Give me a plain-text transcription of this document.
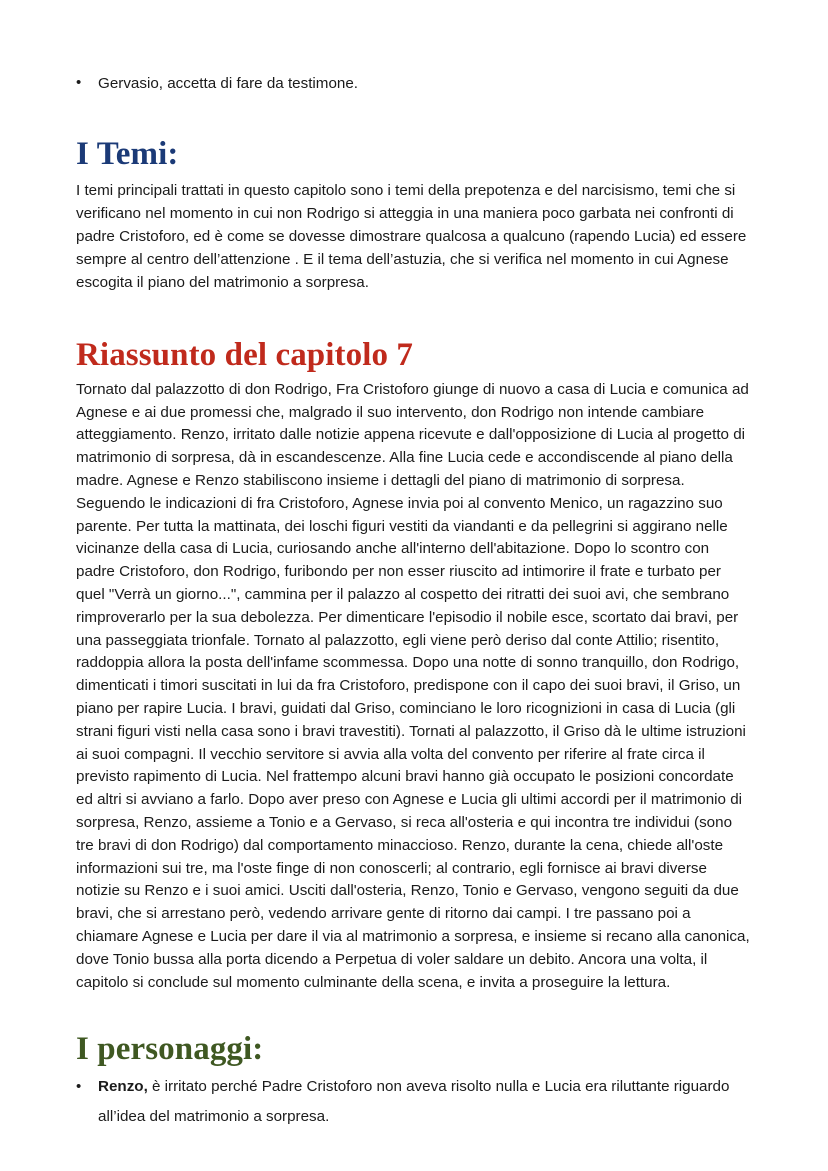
•	Gervasio, accetta di fare da testimone.
I Temi:

I temi principali trattati in questo capitolo sono i temi della prepotenza e del narcisismo, temi che si verificano nel momento in cui non Rodrigo si atteggia in una maniera poco garbata nei confronti di padre Cristoforo, ed è come se dovesse dimostrare qualcosa a qualcuno (rapendo Lucia) ed essere sempre al centro dell’attenzione . E il tema dell’astuzia, che si verifica nel momento in cui Agnese escogita il piano del matrimonio a sorpresa.

Riassunto del capitolo 7

Tornato dal palazzotto di don Rodrigo, Fra Cristoforo giunge di nuovo a casa di Lucia e comunica ad Agnese e ai due promessi che, malgrado il suo intervento, don Rodrigo non intende cambiare atteggiamento. Renzo, irritato dalle notizie appena ricevute e dall'opposizione di Lucia al progetto di matrimonio di sorpresa, dà in escandescenze. Alla fine Lucia cede e accondiscende al piano della madre. Agnese e Renzo stabiliscono insieme i dettagli del piano di matrimonio di sorpresa. Seguendo le indicazioni di fra Cristoforo, Agnese invia poi al convento Menico, un ragazzino suo parente. Per tutta la mattinata, dei loschi figuri vestiti da viandanti e da pellegrini si aggirano nelle vicinanze della casa di Lucia, curiosando anche all'interno dell'abitazione. Dopo lo scontro con padre Cristoforo, don Rodrigo, furibondo per non esser riuscito ad intimorire il frate e turbato per quel "Verrà un giorno...", cammina per il palazzo al cospetto dei ritratti dei suoi avi, che sembrano rimproverarlo per la sua debolezza. Per dimenticare l'episodio il nobile esce, scortato dai bravi, per una passeggiata trionfale. Tornato al palazzotto, egli viene però deriso dal conte Attilio; risentito, raddoppia allora la posta dell'infame scommessa. Dopo una notte di sonno tranquillo, don Rodrigo, dimenticati i timori suscitati in lui da fra Cristoforo, predispone con il capo dei suoi bravi, il Griso, un piano per rapire Lucia. I bravi, guidati dal Griso, cominciano le loro ricognizioni in casa di Lucia (gli strani figuri visti nella casa sono i bravi travestiti). Tornati al palazzotto, il Griso dà le ultime istruzioni ai suoi compagni. Il vecchio servitore si avvia alla volta del convento per riferire al frate circa il previsto rapimento di Lucia. Nel frattempo alcuni bravi hanno già occupato le posizioni concordate ed altri si avviano a farlo. Dopo aver preso con Agnese e Lucia gli ultimi accordi per il matrimonio di sorpresa, Renzo, assieme a Tonio e a Gervaso, si reca all'osteria e qui incontra tre individui (sono tre bravi di don Rodrigo) dal comportamento minaccioso. Renzo, durante la cena, chiede all'oste informazioni sui tre, ma l'oste finge di non conoscerli; al contrario, egli fornisce ai bravi diverse notizie su Renzo e i suoi amici. Usciti dall'osteria, Renzo, Tonio e Gervaso, vengono seguiti da due bravi, che si arrestano però, vedendo arrivare gente di ritorno dai campi. I tre passano poi a chiamare Agnese e Lucia per dare il via al matrimonio a sorpresa, e insieme si recano alla canonica, dove Tonio bussa alla porta dicendo a Perpetua di voler saldare un debito. Ancora una volta, il capitolo si conclude sul momento culminante della scena, e invita a proseguire la lettura.

I personaggi:
•	Renzo, è irritato perché Padre Cristoforo non aveva risolto nulla e Lucia era riluttante riguardo all’idea del matrimonio a sorpresa.
